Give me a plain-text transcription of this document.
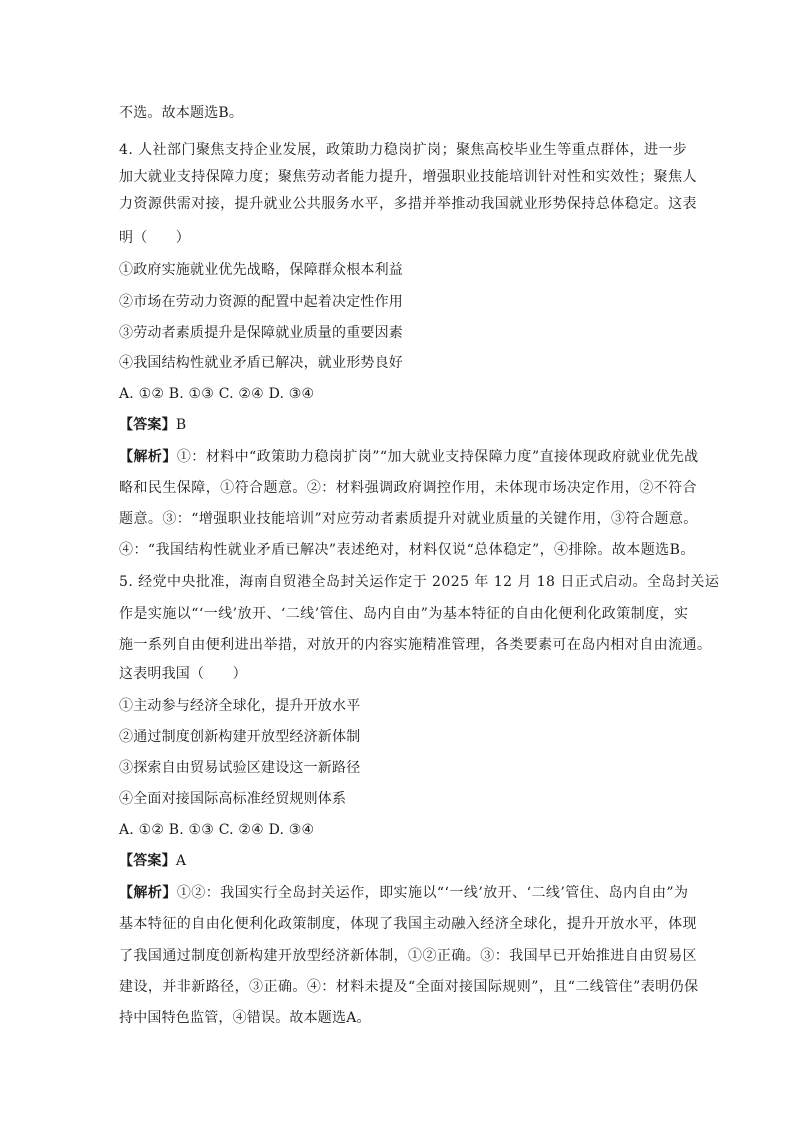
不选。故本题选B。
4. 人社部门聚焦支持企业发展，政策助力稳岗扩岗；聚焦高校毕业生等重点群体，进一步
加大就业支持保障力度；聚焦劳动者能力提升，增强职业技能培训针对性和实效性；聚焦人
力资源供需对接，提升就业公共服务水平，多措并举推动我国就业形势保持总体稳定。这表
明（　　）
①政府实施就业优先战略，保障群众根本利益
②市场在劳动力资源的配置中起着决定性作用
③劳动者素质提升是保障就业质量的重要因素
④我国结构性就业矛盾已解决，就业形势良好
A. ①② B. ①③ C. ②④ D. ③④
【答案】B
【解析】①：材料中“政策助力稳岗扩岗”“加大就业支持保障力度”直接体现政府就业优先战
略和民生保障，①符合题意。②：材料强调政府调控作用，未体现市场决定作用，②不符合
题意。③：“增强职业技能培训”对应劳动者素质提升对就业质量的关键作用，③符合题意。
④：“我国结构性就业矛盾已解决”表述绝对，材料仅说“总体稳定”，④排除。故本题选B。
5. 经党中央批准，海南自贸港全岛封关运作定于 2025 年 12 月 18 日正式启动。全岛封关运
作是实施以“‘一线’放开、‘二线’管住、岛内自由”为基本特征的自由化便利化政策制度，实
施一系列自由便利进出举措，对放开的内容实施精准管理，各类要素可在岛内相对自由流通。
这表明我国（　　）
①主动参与经济全球化，提升开放水平
②通过制度创新构建开放型经济新体制
③探索自由贸易试验区建设这一新路径
④全面对接国际高标准经贸规则体系
A. ①② B. ①③ C. ②④ D. ③④
【答案】A
【解析】①②：我国实行全岛封关运作，即实施以“‘一线’放开、‘二线’管住、岛内自由”为
基本特征的自由化便利化政策制度，体现了我国主动融入经济全球化，提升开放水平，体现
了我国通过制度创新构建开放型经济新体制，①②正确。③：我国早已开始推进自由贸易区
建设，并非新路径，③正确。④：材料未提及“全面对接国际规则”，且“二线管住”表明仍保
持中国特色监管，④错误。故本题选A。
